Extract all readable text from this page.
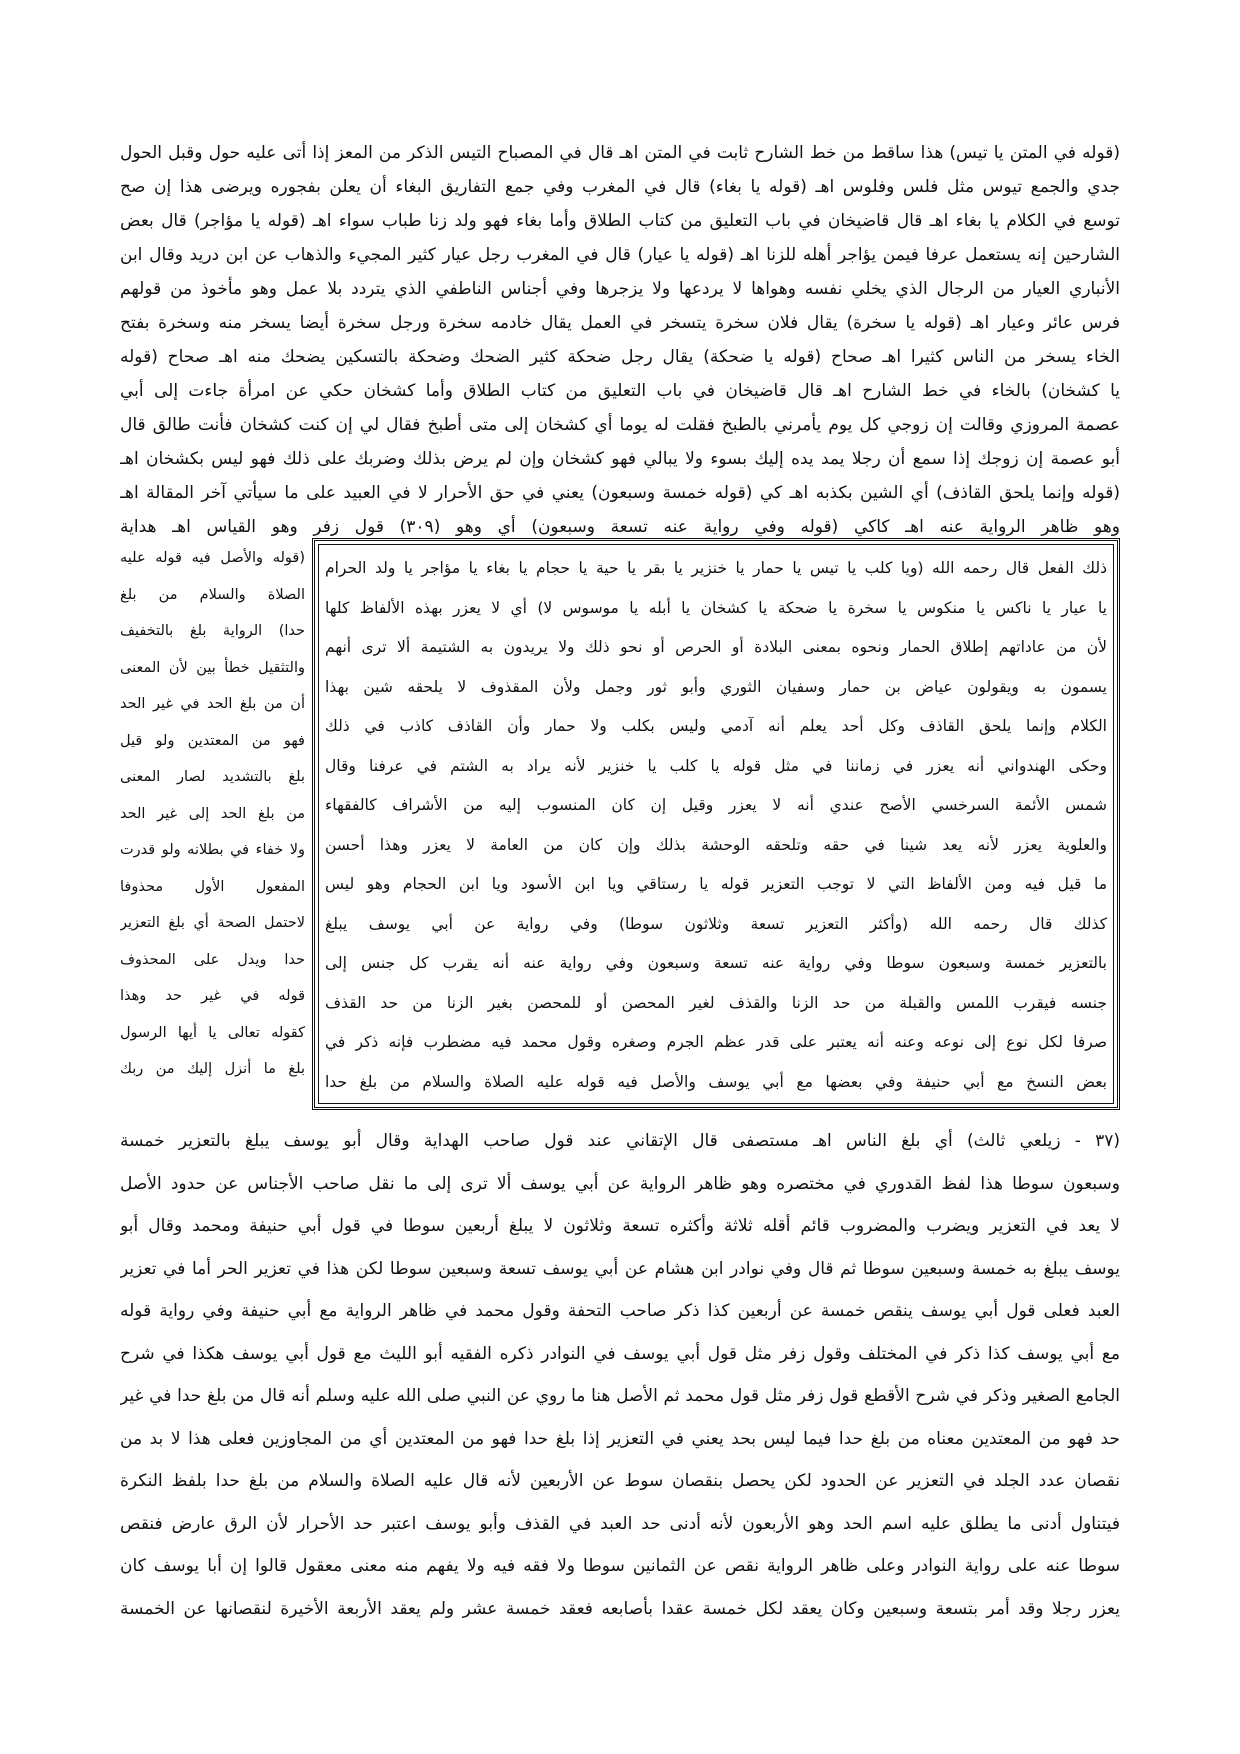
(قوله في المتن يا تيس) هذا ساقط من خط الشارح ثابت في المتن اهـ قال في المصباح التيس الذكر من المعز إذا أتى عليه حول وقبل الحول
جدي والجمع تيوس مثل فلس وفلوس اهـ (قوله يا بغاء) قال في المغرب وفي جمع التفاريق البغاء أن يعلن بفجوره ويرضى هذا إن صح
توسع في الكلام يا بغاء اهـ قال قاضيخان في باب التعليق من كتاب الطلاق وأما بغاء فهو ولد زنا طباب سواء اهـ (قوله يا مؤاجر) قال بعض
الشارحين إنه يستعمل عرفا فيمن يؤاجر أهله للزنا اهـ (قوله يا عيار) قال في المغرب رجل عيار كثير المجيء والذهاب عن ابن دريد وقال ابن
الأنباري العيار من الرجال الذي يخلي نفسه وهواها لا يردعها ولا يزجرها وفي أجناس الناطفي الذي يتردد بلا عمل وهو مأخوذ من قولهم
فرس عائر وعيار اهـ (قوله يا سخرة) يقال فلان سخرة يتسخر في العمل يقال خادمه سخرة ورجل سخرة أيضا يسخر منه وسخرة بفتح
الخاء يسخر من الناس كثيرا اهـ صحاح (قوله يا ضحكة) يقال رجل ضحكة كثير الضحك وضحكة بالتسكين يضحك منه اهـ صحاح (قوله
يا كشخان) بالخاء في خط الشارح اهـ قال قاضيخان في باب التعليق من كتاب الطلاق وأما كشخان حكي عن امرأة جاءت إلى أبي
عصمة المروزي وقالت إن زوجي كل يوم يأمرني بالطبخ فقلت له يوما أي كشخان إلى متى أطبخ فقال لي إن كنت كشخان فأنت طالق قال
أبو عصمة إن زوجك إذا سمع أن رجلا يمد يده إليك بسوء ولا يبالي فهو كشخان وإن لم يرض بذلك وضربك على ذلك فهو ليس بكشخان اهـ
(قوله وإنما يلحق القاذف) أي الشين بكذبه اهـ كي (قوله خمسة وسبعون) يعني في حق الأحرار لا في العبيد على ما سيأتي آخر المقالة اهـ
وهو ظاهر الرواية عنه اهـ كاكي (قوله وفي رواية عنه تسعة وسبعون) أي وهو (٣٠٩) قول زفر وهو القياس اهـ هداية
(قوله والأصل فيه قوله عليه
الصلاة والسلام من بلغ
حدا) الرواية بلغ بالتخفيف
والتثقيل خطأ بين لأن المعنى
أن من بلغ الحد في غير الحد
فهو من المعتدين ولو قيل
بلغ بالتشديد لصار المعنى
من بلغ الحد إلى غير الحد
ولا خفاء في بطلانه ولو قدرت
المفعول الأول محذوفا
لاحتمل الصحة أي بلغ التعزير
حدا ويدل على المحذوف
قوله في غير حد وهذا
كقوله تعالى يا أيها الرسول
بلغ ما أنزل إليك من ربك
ذلك الفعل قال رحمه الله (ويا كلب يا تيس يا حمار يا خنزير يا بقر يا حية يا حجام يا بغاء يا مؤاجر يا ولد الحرام
يا عيار يا ناكس يا منكوس يا سخرة يا ضحكة يا كشخان يا أبله يا موسوس لا) أي لا يعزر بهذه الألفاظ كلها
لأن من عاداتهم إطلاق الحمار ونحوه بمعنى البلادة أو الحرص أو نحو ذلك ولا يريدون به الشتيمة ألا ترى أنهم
يسمون به ويقولون عياض بن حمار وسفيان الثوري وأبو ثور وجمل ولأن المقذوف لا يلحقه شين بهذا
الكلام وإنما يلحق القاذف وكل أحد يعلم أنه آدمي وليس بكلب ولا حمار وأن القاذف كاذب في ذلك
وحكى الهندواني أنه يعزر في زماننا في مثل قوله يا كلب يا خنزير لأنه يراد به الشتم في عرفنا وقال
شمس الأئمة السرخسي الأصح عندي أنه لا يعزر وقيل إن كان المنسوب إليه من الأشراف كالفقهاء
والعلوية يعزر لأنه يعد شينا في حقه وتلحقه الوحشة بذلك وإن كان من العامة لا يعزر وهذا أحسن
ما قيل فيه ومن الألفاظ التي لا توجب التعزير قوله يا رستاقي ويا ابن الأسود ويا ابن الحجام وهو ليس
كذلك قال رحمه الله (وأكثر التعزير تسعة وثلاثون سوطا) وفي رواية عن أبي يوسف يبلغ
بالتعزير خمسة وسبعون سوطا وفي رواية عنه تسعة وسبعون وفي رواية عنه أنه يقرب كل جنس إلى
جنسه فيقرب اللمس والقبلة من حد الزنا والقذف لغير المحصن أو للمحصن بغير الزنا من حد القذف
صرفا لكل نوع إلى نوعه وعنه أنه يعتبر على قدر عظم الجرم وصغره وقول محمد فيه مضطرب فإنه ذكر في
بعض النسخ مع أبي حنيفة وفي بعضها مع أبي يوسف والأصل فيه قوله عليه الصلاة والسلام من بلغ حدا
(٣٧ - زيلعي ثالث) أي بلغ الناس اهـ مستصفى قال الإتقاني عند قول صاحب الهداية وقال أبو يوسف يبلغ بالتعزير خمسة
وسبعون سوطا هذا لفظ القدوري في مختصره وهو ظاهر الرواية عن أبي يوسف ألا ترى إلى ما نقل صاحب الأجناس عن حدود الأصل
لا يعد في التعزير ويضرب والمضروب قائم أقله ثلاثة وأكثره تسعة وثلاثون لا يبلغ أربعين سوطا في قول أبي حنيفة ومحمد وقال أبو
يوسف يبلغ به خمسة وسبعين سوطا ثم قال وفي نوادر ابن هشام عن أبي يوسف تسعة وسبعين سوطا لكن هذا في تعزير الحر أما في تعزير
العبد فعلى قول أبي يوسف ينقص خمسة عن أربعين كذا ذكر صاحب التحفة وقول محمد في ظاهر الرواية مع أبي حنيفة وفي رواية قوله
مع أبي يوسف كذا ذكر في المختلف وقول زفر مثل قول أبي يوسف في النوادر ذكره الفقيه أبو الليث مع قول أبي يوسف هكذا في شرح
الجامع الصغير وذكر في شرح الأقطع قول زفر مثل قول محمد ثم الأصل هنا ما روي عن النبي صلى الله عليه وسلم أنه قال من بلغ حدا في غير
حد فهو من المعتدين معناه من بلغ حدا فيما ليس بحد يعني في التعزير إذا بلغ حدا فهو من المعتدين أي من المجاوزين فعلى هذا لا بد من
نقصان عدد الجلد في التعزير عن الحدود لكن يحصل بنقصان سوط عن الأربعين لأنه قال عليه الصلاة والسلام من بلغ حدا بلفظ النكرة
فيتناول أدنى ما يطلق عليه اسم الحد وهو الأربعون لأنه أدنى حد العبد في القذف وأبو يوسف اعتبر حد الأحرار لأن الرق عارض فنقص
سوطا عنه على رواية النوادر وعلى ظاهر الرواية نقص عن الثمانين سوطا ولا فقه فيه ولا يفهم منه معنى معقول قالوا إن أبا يوسف كان
يعزر رجلا وقد أمر بتسعة وسبعين وكان يعقد لكل خمسة عقدا بأصابعه فعقد خمسة عشر ولم يعقد الأربعة الأخيرة لنقصانها عن الخمسة
